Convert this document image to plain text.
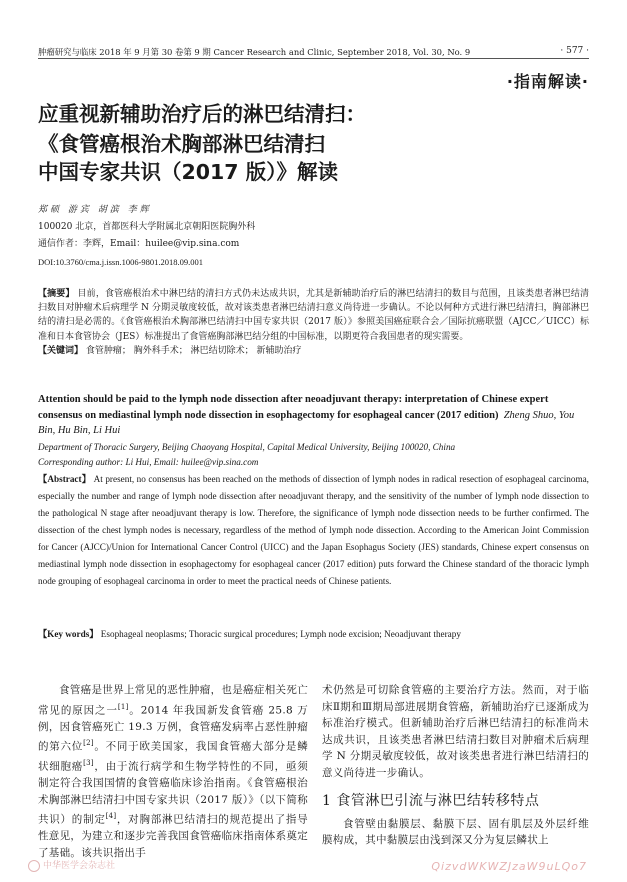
肿瘤研究与临床 2018 年 9 月第 30 卷第 9 期 Cancer Research and Clinic, September 2018, Vol. 30, No. 9	· 577 ·
·指南解读·
应重视新辅助治疗后的淋巴结清扫：
《食管癌根治术胸部淋巴结清扫
中国专家共识（2017 版）》解读
郑硕 游宾 胡滨 李辉
100020 北京，首都医科大学附属北京朝阳医院胸外科
通信作者：李辉，Email：huilee@vip.sina.com
DOI:10.3760/cma.j.issn.1006-9801.2018.09.001
【摘要】 目前，食管癌根治术中淋巴结的清扫方式仍未达成共识，尤其是新辅助治疗后的淋巴结清扫的数目与范围，且该类患者淋巴结清扫数目对肿瘤术后病理学 N 分期灵敏度较低，故对该类患者淋巴结清扫意义尚待进一步确认。不论以何种方式进行淋巴结清扫，胸部淋巴结的清扫是必需的。《食管癌根治术胸部淋巴结清扫中国专家共识（2017 版）》参照美国癌症联合会／国际抗癌联盟（AJCC／UICC）标准和日本食管协会（JES）标准提出了食管癌胸部淋巴结分组的中国标准，以期更符合我国患者的现实需要。
【关键词】 食管肿瘤； 胸外科手术； 淋巴结切除术； 新辅助治疗
Attention should be paid to the lymph node dissection after neoadjuvant therapy: interpretation of Chinese expert consensus on mediastinal lymph node dissection in esophagectomy for esophageal cancer (2017 edition) Zheng Shuo, You Bin, Hu Bin, Li Hui
Department of Thoracic Surgery, Beijing Chaoyang Hospital, Capital Medical University, Beijing 100020, China
Corresponding author: Li Hui, Email: huilee@vip.sina.com
【Abstract】 At present, no consensus has been reached on the methods of dissection of lymph nodes in radical resection of esophageal carcinoma, especially the number and range of lymph node dissection after neoadjuvant therapy, and the sensitivity of the number of lymph node dissection to the pathological N stage after neoadjuvant therapy is low. Therefore, the significance of lymph node dissection needs to be further confirmed. The dissection of the chest lymph nodes is necessary, regardless of the method of lymph node dissection. According to the American Joint Commission for Cancer (AJCC)/Union for International Cancer Control (UICC) and the Japan Esophagus Society (JES) standards, Chinese expert consensus on mediastinal lymph node dissection in esophagectomy for esophageal cancer (2017 edition) puts forward the Chinese standard of the thoracic lymph node grouping of esophageal carcinoma in order to meet the practical needs of Chinese patients.
【Key words】 Esophageal neoplasms; Thoracic surgical procedures; Lymph node excision; Neoadjuvant therapy
食管癌是世界上常见的恶性肿瘤，也是癌症相关死亡常见的原因之一[1]。2014 年我国新发食管癌 25.8 万例，因食管癌死亡 19.3 万例，食管癌发病率占恶性肿瘤的第六位[2]。不同于欧美国家，我国食管癌大部分是鳞状细胞癌[3]，由于流行病学和生物学特性的不同，亟须制定符合我国国情的食管癌临床诊治指南。《食管癌根治术胸部淋巴结清扫中国专家共识（2017 版）》（以下简称共识）的制定[4]，对胸部淋巴结清扫的规范提出了指导性意见，为建立和逐步完善我国食管癌临床指南体系奠定了基础。该共识指出手

术仍然是可切除食管癌的主要治疗方法。然而，对于临床Ⅱ期和Ⅲ期局部进展期食管癌，新辅助治疗已逐渐成为标准治疗模式。但新辅助治疗后淋巴结清扫的标准尚未达成共识，且该类患者淋巴结清扫数目对肿瘤术后病理学 N 分期灵敏度较低，故对该类患者进行淋巴结清扫的意义尚待进一步确认。

1 食管淋巴引流与淋巴结转移特点

食管壁由黏膜层、黏膜下层、固有肌层及外层纤维膜构成，其中黏膜层由浅到深又分为复层鳞状上

中华医学会杂志社	QizvdWKWZJzaW9uLQo7
